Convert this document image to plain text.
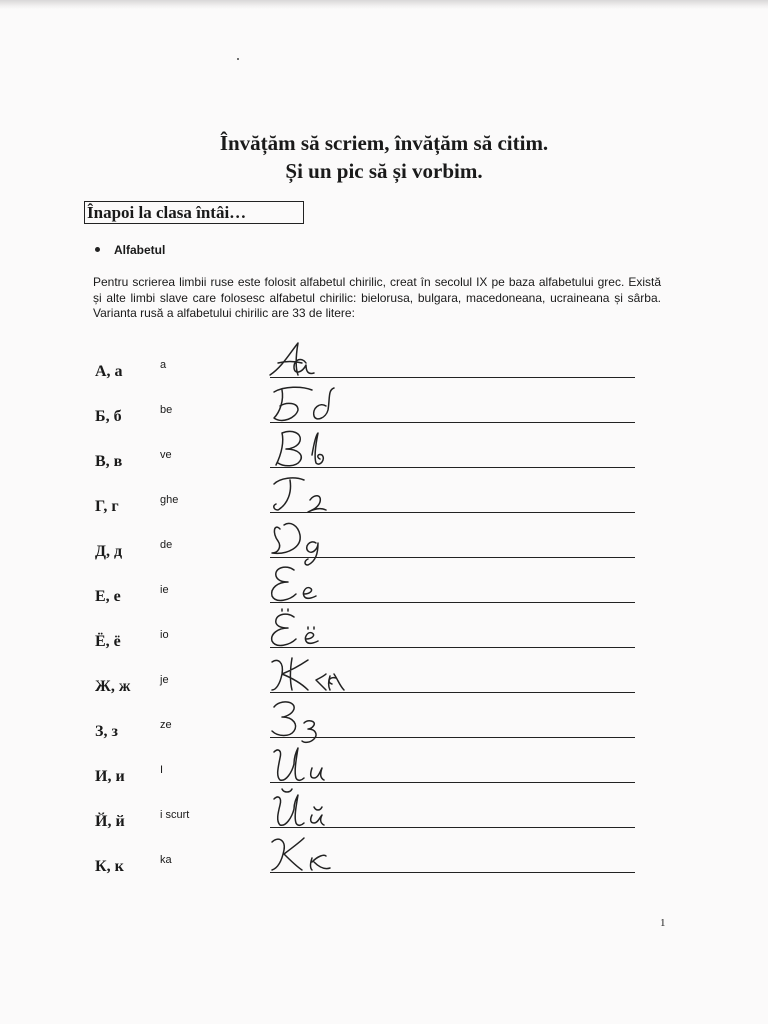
Învățăm să scriem, învățăm să citim.
Și un pic să și vorbim.
Înapoi la clasa întâi…
Alfabetul
Pentru scrierea limbii ruse este folosit alfabetul chirilic, creat în secolul IX pe baza alfabetului grec. Există și alte limbi slave care folosesc alfabetul chirilic: bielorusa, bulgara, macedoneana, ucraineana și sârba. Varianta rusă a alfabetului chirilic are 33 de litere:
А, а	a
Б, б	be
В, в	ve
Г, г	ghe
Д, д	de
Е, е	ie
Ё, ё	io
Ж, ж	je
З, з	ze
И, и	I
Й, й	i scurt
К, к	ka
1
